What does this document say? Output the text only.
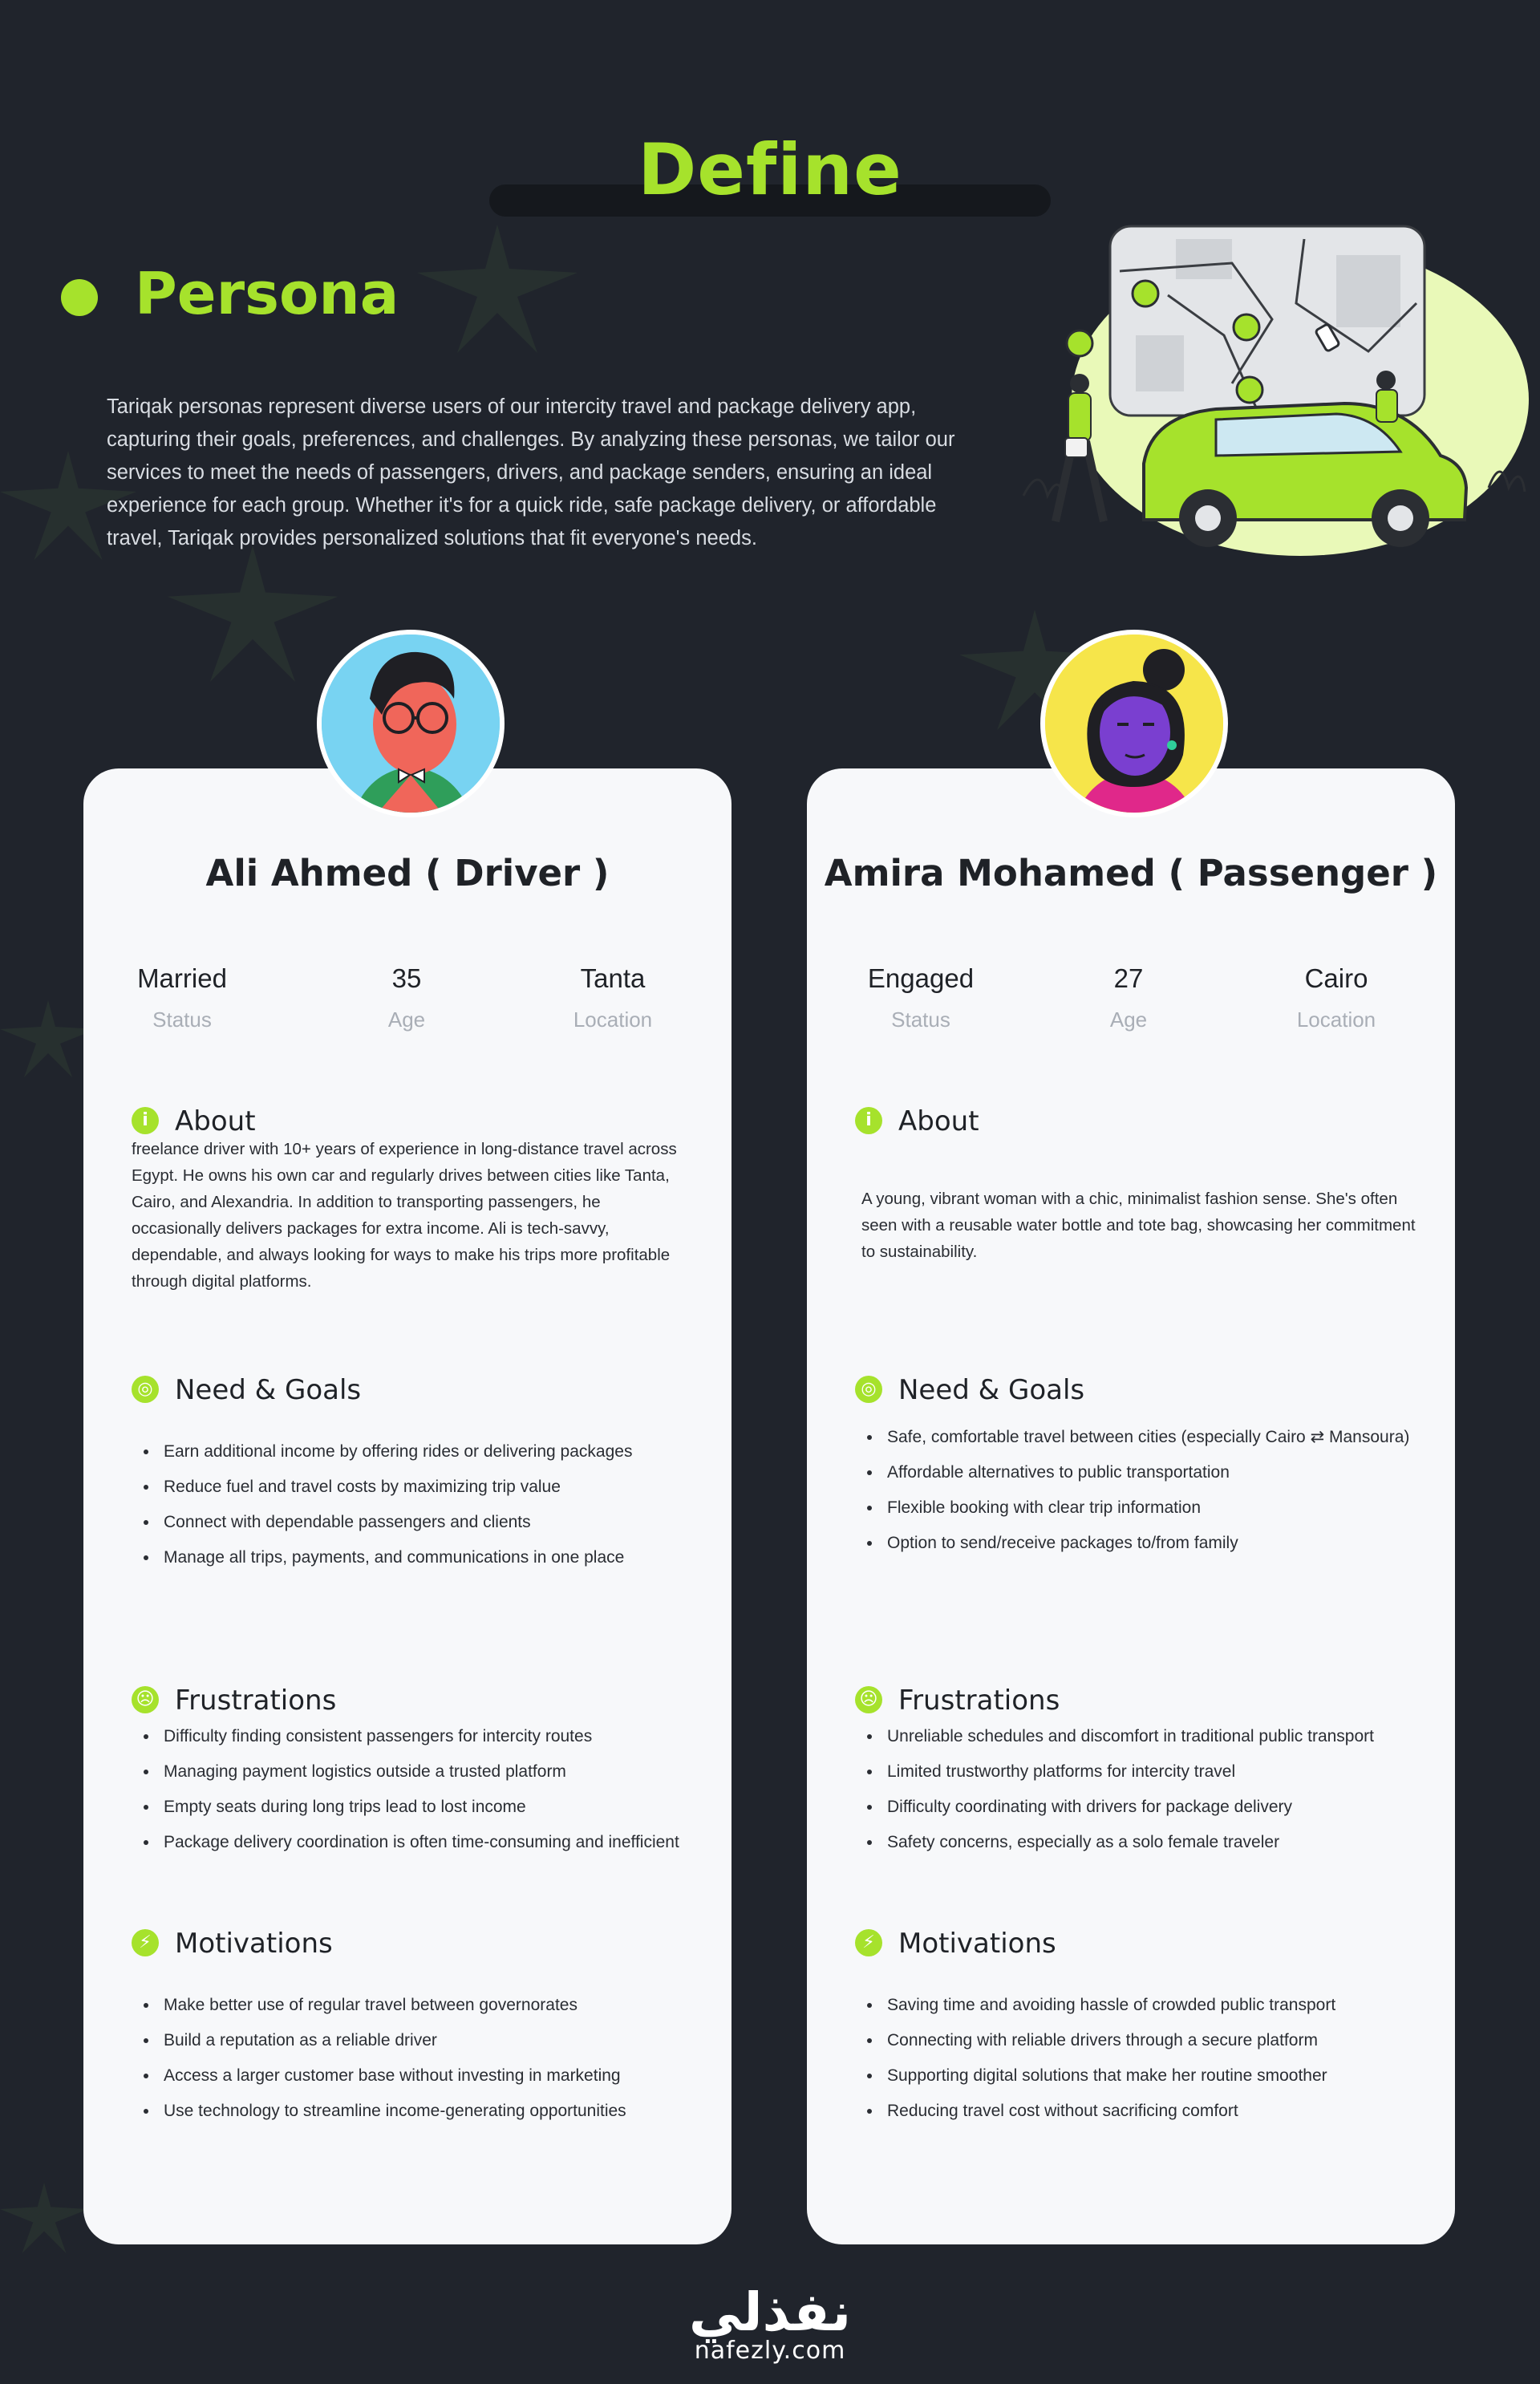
Define
Persona
Tariqak personas represent diverse users of our intercity travel and package delivery app, capturing their goals, preferences, and challenges. By analyzing these personas, we tailor our services to meet the needs of passengers, drivers, and package senders, ensuring an ideal experience for each group. Whether it's for a quick ride, safe package delivery, or affordable travel, Tariqak provides personalized solutions that fit everyone's needs.
Ali Ahmed ( Driver )
Married
Status
35
Age
Tanta
Location
i About
freelance driver with 10+ years of experience in long-distance travel across Egypt. He owns his own car and regularly drives between cities like Tanta, Cairo, and Alexandria. In addition to transporting passengers, he occasionally delivers packages for extra income. Ali is tech-savvy, dependable, and always looking for ways to make his trips more profitable through digital platforms.
◎ Need & Goals
• Earn additional income by offering rides or delivering packages
• Reduce fuel and travel costs by maximizing trip value
• Connect with dependable passengers and clients
• Manage all trips, payments, and communications in one place
☹ Frustrations
• Difficulty finding consistent passengers for intercity routes
• Managing payment logistics outside a trusted platform
• Empty seats during long trips lead to lost income
• Package delivery coordination is often time-consuming and inefficient
⚡ Motivations
• Make better use of regular travel between governorates
• Build a reputation as a reliable driver
• Access a larger customer base without investing in marketing
• Use technology to streamline income-generating opportunities
Amira Mohamed ( Passenger )
Engaged
Status
27
Age
Cairo
Location
i About
A young, vibrant woman with a chic, minimalist fashion sense. She's often seen with a reusable water bottle and tote bag, showcasing her commitment to sustainability.
◎ Need & Goals
• Safe, comfortable travel between cities (especially Cairo ⇄ Mansoura)
• Affordable alternatives to public transportation
• Flexible booking with clear trip information
• Option to send/receive packages to/from family
☹ Frustrations
• Unreliable schedules and discomfort in traditional public transport
• Limited trustworthy platforms for intercity travel
• Difficulty coordinating with drivers for package delivery
• Safety concerns, especially as a solo female traveler
⚡ Motivations
• Saving time and avoiding hassle of crowded public transport
• Connecting with reliable drivers through a secure platform
• Supporting digital solutions that make her routine smoother
• Reducing travel cost without sacrificing comfort
نفذلي
nafezly.com
